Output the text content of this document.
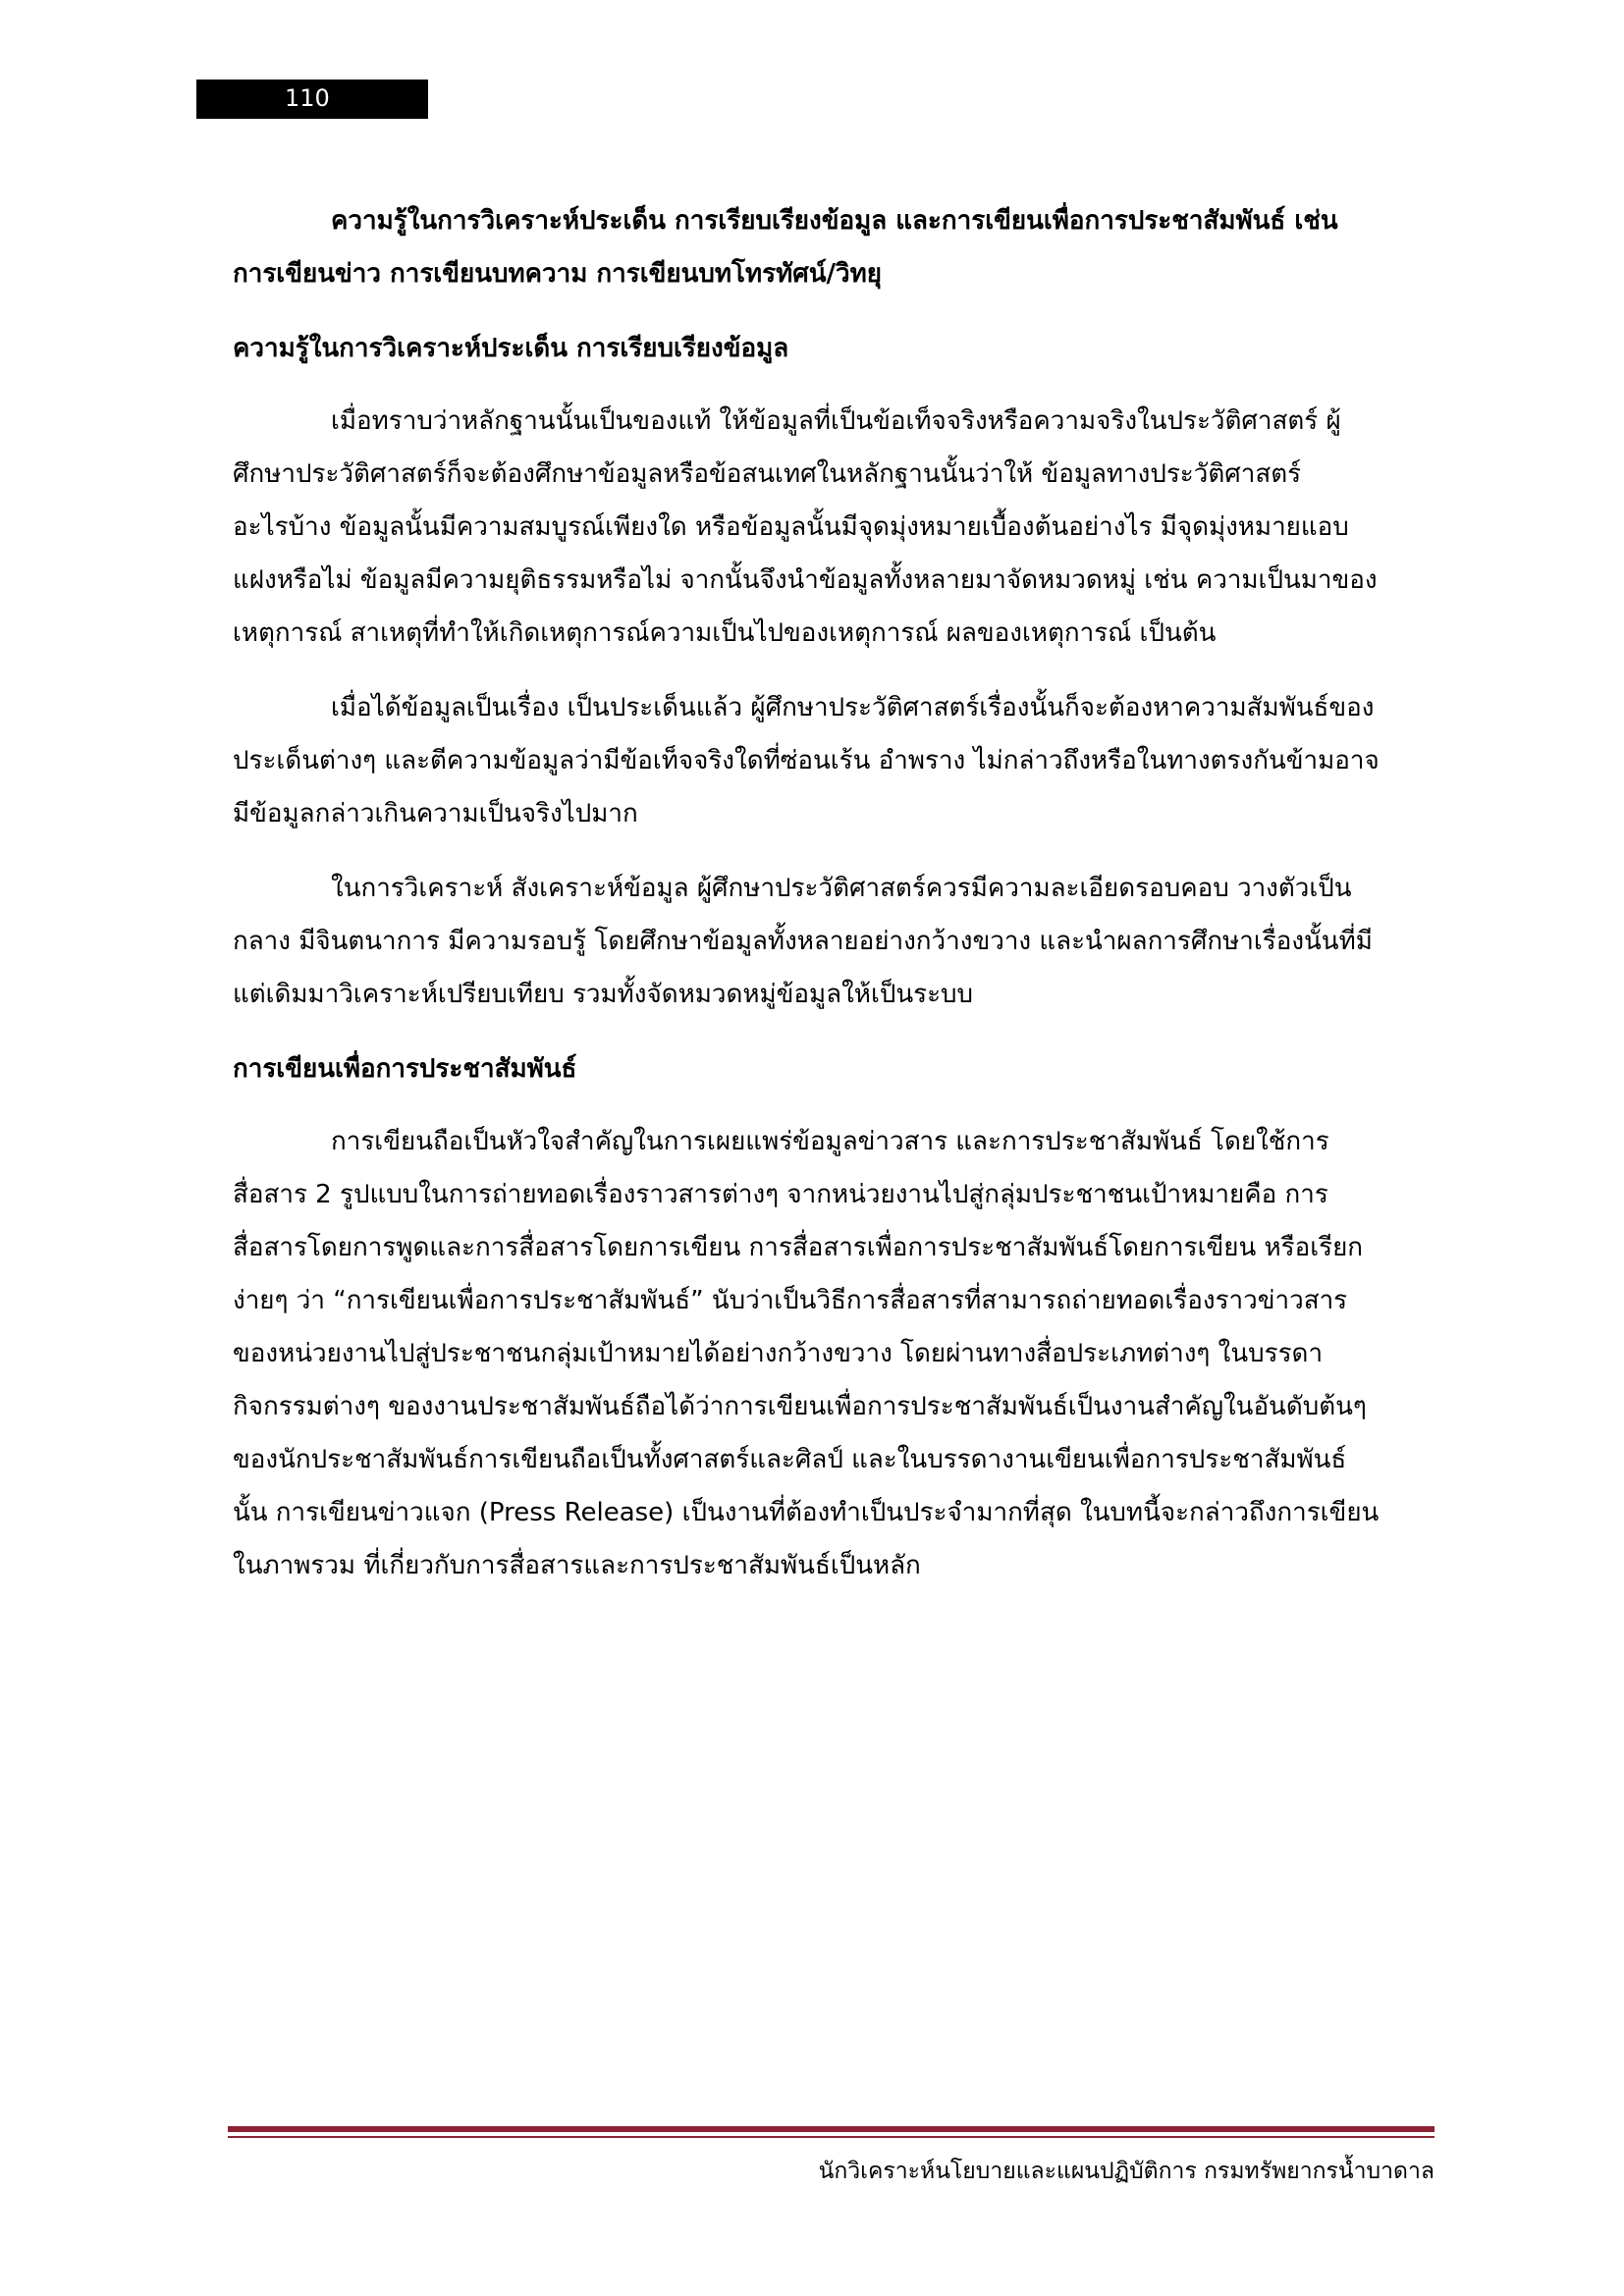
110
ความรู้ในการวิเคราะห์ประเด็น การเรียบเรียงข้อมูล และการเขียนเพื่อการประชาสัมพันธ์ เช่น
การเขียนข่าว การเขียนบทความ การเขียนบทโทรทัศน์/วิทยุ
ความรู้ในการวิเคราะห์ประเด็น การเรียบเรียงข้อมูล
เมื่อทราบว่าหลักฐานนั้นเป็นของแท้ ให้ข้อมูลที่เป็นข้อเท็จจริงหรือความจริงในประวัติศาสตร์ ผู้
ศึกษาประวัติศาสตร์ก็จะต้องศึกษาข้อมูลหรือข้อสนเทศในหลักฐานนั้นว่าให้ ข้อมูลทางประวัติศาสตร์
อะไรบ้าง ข้อมูลนั้นมีความสมบูรณ์เพียงใด หรือข้อมูลนั้นมีจุดมุ่งหมายเบื้องต้นอย่างไร มีจุดมุ่งหมายแอบ
แฝงหรือไม่ ข้อมูลมีความยุติธรรมหรือไม่ จากนั้นจึงนำข้อมูลทั้งหลายมาจัดหมวดหมู่ เช่น ความเป็นมาของ
เหตุการณ์ สาเหตุที่ทำให้เกิดเหตุการณ์ความเป็นไปของเหตุการณ์ ผลของเหตุการณ์ เป็นต้น
เมื่อได้ข้อมูลเป็นเรื่อง เป็นประเด็นแล้ว ผู้ศึกษาประวัติศาสตร์เรื่องนั้นก็จะต้องหาความสัมพันธ์ของ
ประเด็นต่างๆ และตีความข้อมูลว่ามีข้อเท็จจริงใดที่ซ่อนเร้น อำพราง ไม่กล่าวถึงหรือในทางตรงกันข้ามอาจ
มีข้อมูลกล่าวเกินความเป็นจริงไปมาก
ในการวิเคราะห์ สังเคราะห์ข้อมูล ผู้ศึกษาประวัติศาสตร์ควรมีความละเอียดรอบคอบ วางตัวเป็น
กลาง มีจินตนาการ มีความรอบรู้ โดยศึกษาข้อมูลทั้งหลายอย่างกว้างขวาง และนำผลการศึกษาเรื่องนั้นที่มี
แต่เดิมมาวิเคราะห์เปรียบเทียบ รวมทั้งจัดหมวดหมู่ข้อมูลให้เป็นระบบ
การเขียนเพื่อการประชาสัมพันธ์
การเขียนถือเป็นหัวใจสำคัญในการเผยแพร่ข้อมูลข่าวสาร และการประชาสัมพันธ์ โดยใช้การ
สื่อสาร 2 รูปแบบในการถ่ายทอดเรื่องราวสารต่างๆ จากหน่วยงานไปสู่กลุ่มประชาชนเป้าหมายคือ การ
สื่อสารโดยการพูดและการสื่อสารโดยการเขียน การสื่อสารเพื่อการประชาสัมพันธ์โดยการเขียน หรือเรียก
ง่ายๆ ว่า “การเขียนเพื่อการประชาสัมพันธ์” นับว่าเป็นวิธีการสื่อสารที่สามารถถ่ายทอดเรื่องราวข่าวสาร
ของหน่วยงานไปสู่ประชาชนกลุ่มเป้าหมายได้อย่างกว้างขวาง โดยผ่านทางสื่อประเภทต่างๆ ในบรรดา
กิจกรรมต่างๆ ของงานประชาสัมพันธ์ถือได้ว่าการเขียนเพื่อการประชาสัมพันธ์เป็นงานสำคัญในอันดับต้นๆ
ของนักประชาสัมพันธ์การเขียนถือเป็นทั้งศาสตร์และศิลป์ และในบรรดางานเขียนเพื่อการประชาสัมพันธ์
นั้น การเขียนข่าวแจก (Press Release) เป็นงานที่ต้องทำเป็นประจำมากที่สุด ในบทนี้จะกล่าวถึงการเขียน
ในภาพรวม ที่เกี่ยวกับการสื่อสารและการประชาสัมพันธ์เป็นหลัก
นักวิเคราะห์นโยบายและแผนปฏิบัติการ กรมทรัพยากรน้ำบาดาล
